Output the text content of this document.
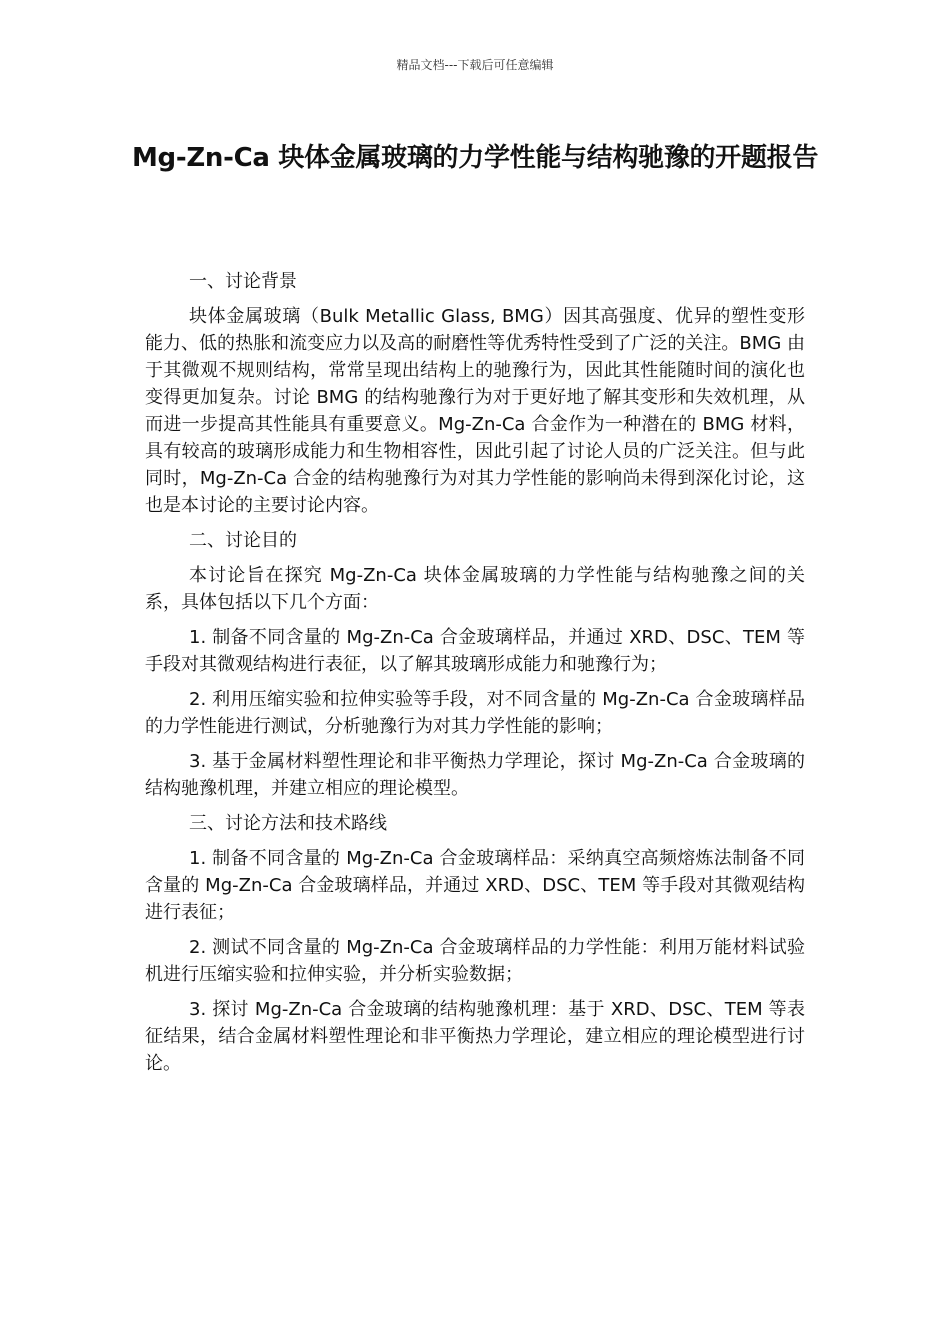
精品文档---下载后可任意编辑
Mg-Zn-Ca 块体金属玻璃的力学性能与结构驰豫的开题报告
一、讨论背景
块体金属玻璃（Bulk Metallic Glass, BMG）因其高强度、优异的塑性变形能力、低的热胀和流变应力以及高的耐磨性等优秀特性受到了广泛的关注。BMG 由于其微观不规则结构，常常呈现出结构上的驰豫行为，因此其性能随时间的演化也变得更加复杂。讨论 BMG 的结构驰豫行为对于更好地了解其变形和失效机理，从而进一步提高其性能具有重要意义。Mg-Zn-Ca 合金作为一种潜在的 BMG 材料，具有较高的玻璃形成能力和生物相容性，因此引起了讨论人员的广泛关注。但与此同时，Mg-Zn-Ca 合金的结构驰豫行为对其力学性能的影响尚未得到深化讨论，这也是本讨论的主要讨论内容。
二、讨论目的
本讨论旨在探究 Mg-Zn-Ca 块体金属玻璃的力学性能与结构驰豫之间的关系，具体包括以下几个方面：
1. 制备不同含量的 Mg-Zn-Ca 合金玻璃样品，并通过 XRD、DSC、TEM 等手段对其微观结构进行表征，以了解其玻璃形成能力和驰豫行为；
2. 利用压缩实验和拉伸实验等手段，对不同含量的 Mg-Zn-Ca 合金玻璃样品的力学性能进行测试，分析驰豫行为对其力学性能的影响；
3. 基于金属材料塑性理论和非平衡热力学理论，探讨 Mg-Zn-Ca 合金玻璃的结构驰豫机理，并建立相应的理论模型。
三、讨论方法和技术路线
1. 制备不同含量的 Mg-Zn-Ca 合金玻璃样品：采纳真空高频熔炼法制备不同含量的 Mg-Zn-Ca 合金玻璃样品，并通过 XRD、DSC、TEM 等手段对其微观结构进行表征；
2. 测试不同含量的 Mg-Zn-Ca 合金玻璃样品的力学性能：利用万能材料试验机进行压缩实验和拉伸实验，并分析实验数据；
3. 探讨 Mg-Zn-Ca 合金玻璃的结构驰豫机理：基于 XRD、DSC、TEM 等表征结果，结合金属材料塑性理论和非平衡热力学理论，建立相应的理论模型进行讨论。
